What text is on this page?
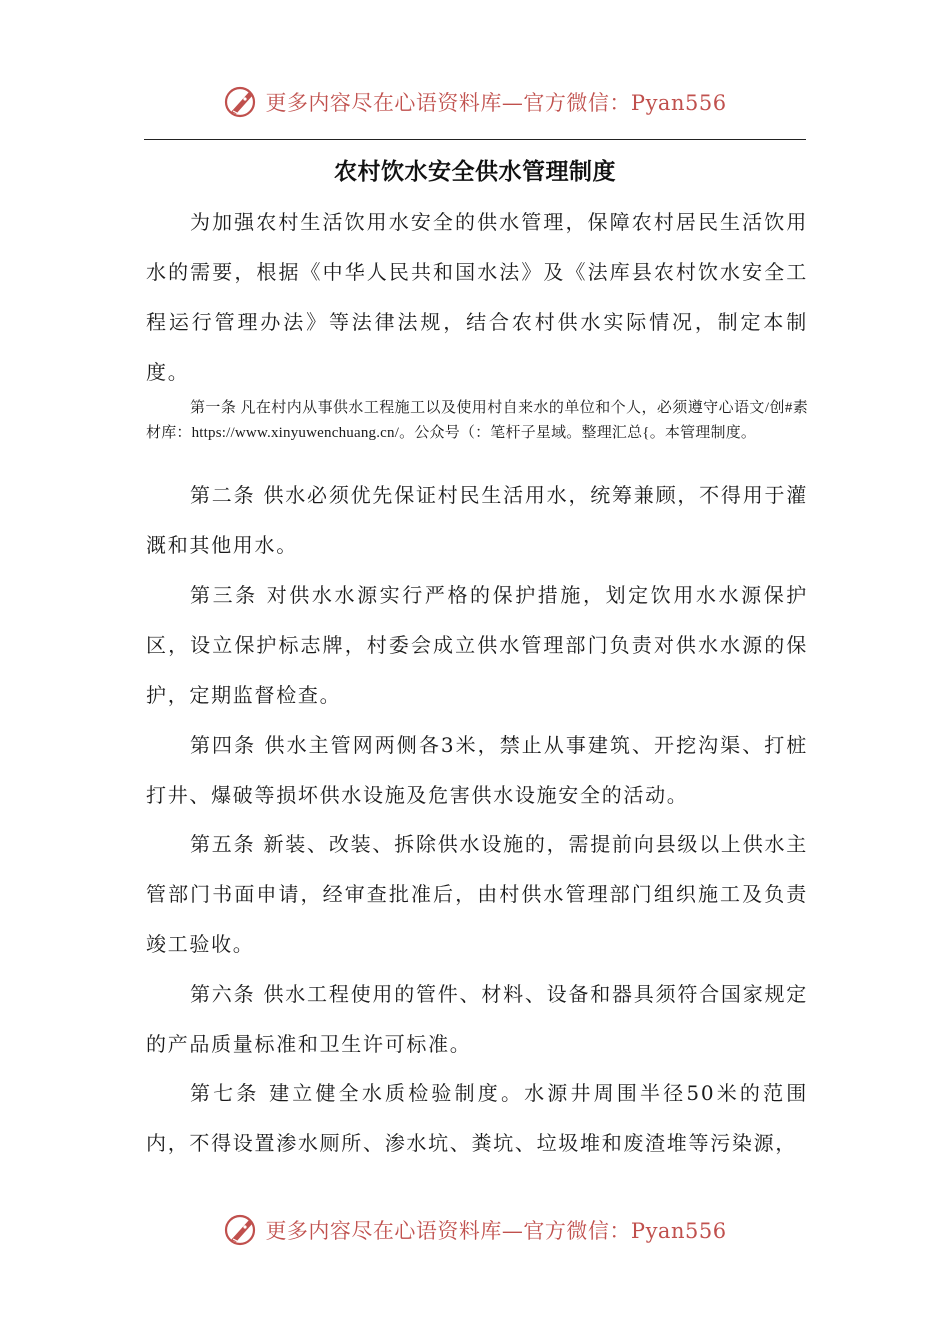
更多内容尽在心语资料库—官方微信：Pyan556
农村饮水安全供水管理制度

为加强农村生活饮用水安全的供水管理，保障农村居民生活饮用水的需要，根据《中华人民共和国水法》及《法库县农村饮水安全工程运行管理办法》等法律法规，结合农村供水实际情况，制定本制度。

第一条 凡在村内从事供水工程施工以及使用村自来水的单位和个人，必须遵守心语文/创#素材库：https://www.xinyuwenchuang.cn/。公众号（：笔杆子星域。整理汇总{。本管理制度。

第二条 供水必须优先保证村民生活用水，统筹兼顾，不得用于灌溉和其他用水。

第三条 对供水水源实行严格的保护措施，划定饮用水水源保护区，设立保护标志牌，村委会成立供水管理部门负责对供水水源的保护，定期监督检查。

第四条 供水主管网两侧各3米，禁止从事建筑、开挖沟渠、打桩打井、爆破等损坏供水设施及危害供水设施安全的活动。

第五条 新装、改装、拆除供水设施的，需提前向县级以上供水主管部门书面申请，经审查批准后，由村供水管理部门组织施工及负责竣工验收。

第六条 供水工程使用的管件、材料、设备和器具须符合国家规定的产品质量标准和卫生许可标准。

第七条 建立健全水质检验制度。水源井周围半径50米的范围内，不得设置渗水厕所、渗水坑、粪坑、垃圾堆和废渣堆等污染源，

更多内容尽在心语资料库—官方微信：Pyan556
